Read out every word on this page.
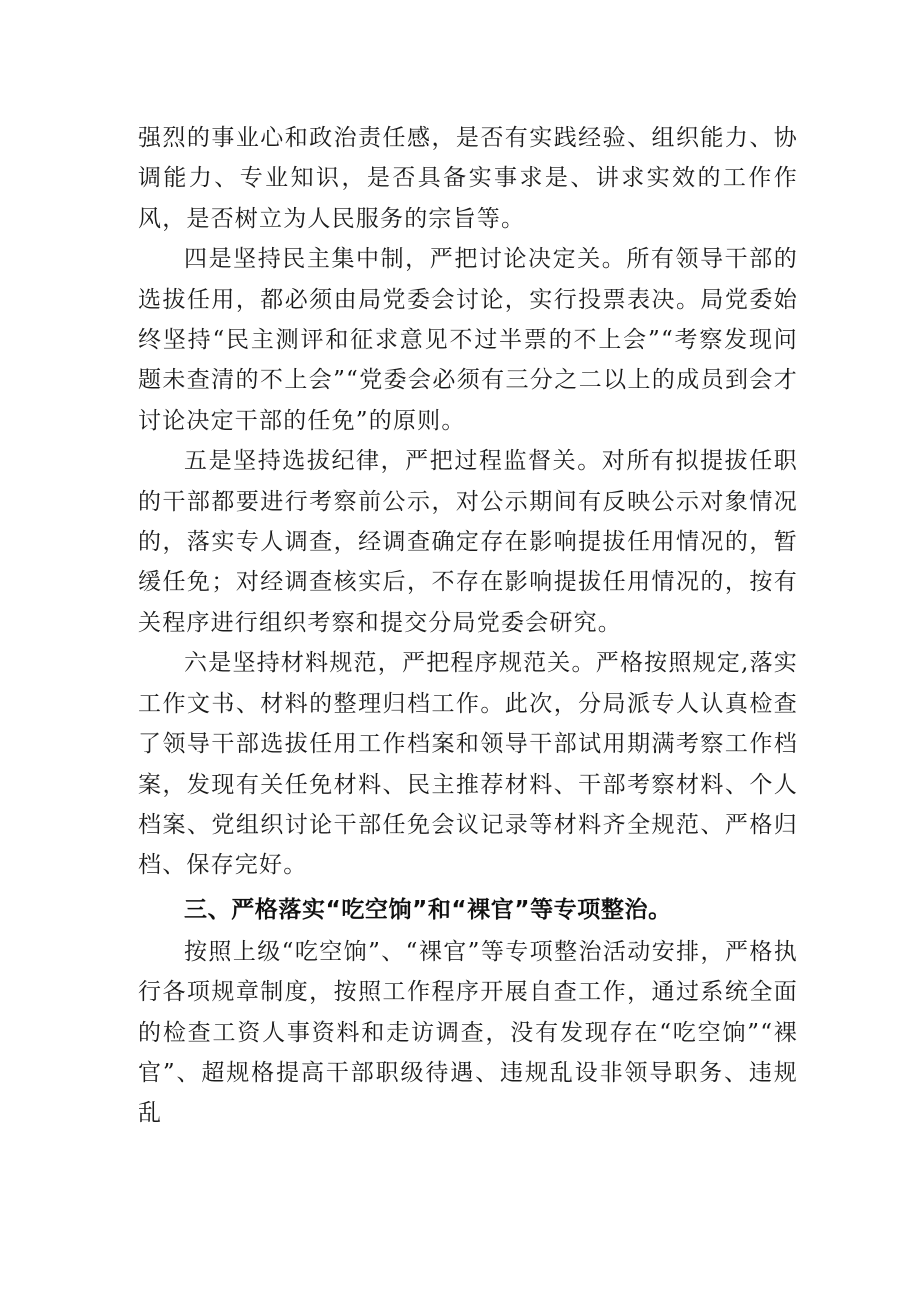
强烈的事业心和政治责任感，是否有实践经验、组织能力、协调能力、专业知识，是否具备实事求是、讲求实效的工作作风，是否树立为人民服务的宗旨等。

四是坚持民主集中制，严把讨论决定关。所有领导干部的选拔任用，都必须由局党委会讨论，实行投票表决。局党委始终坚持“民主测评和征求意见不过半票的不上会”“考察发现问题未查清的不上会”“党委会必须有三分之二以上的成员到会才讨论决定干部的任免”的原则。

五是坚持选拔纪律，严把过程监督关。对所有拟提拔任职的干部都要进行考察前公示，对公示期间有反映公示对象情况的，落实专人调查，经调查确定存在影响提拔任用情况的，暂缓任免；对经调查核实后，不存在影响提拔任用情况的，按有关程序进行组织考察和提交分局党委会研究。

六是坚持材料规范，严把程序规范关。严格按照规定,落实工作文书、材料的整理归档工作。此次，分局派专人认真检查了领导干部选拔任用工作档案和领导干部试用期满考察工作档案，发现有关任免材料、民主推荐材料、干部考察材料、个人档案、党组织讨论干部任免会议记录等材料齐全规范、严格归档、保存完好。

三、严格落实“吃空饷”和“裸官”等专项整治。

按照上级“吃空饷”、“裸官”等专项整治活动安排，严格执行各项规章制度，按照工作程序开展自查工作，通过系统全面的检查工资人事资料和走访调查，没有发现存在“吃空饷”“裸官”、超规格提高干部职级待遇、违规乱设非领导职务、违规乱
